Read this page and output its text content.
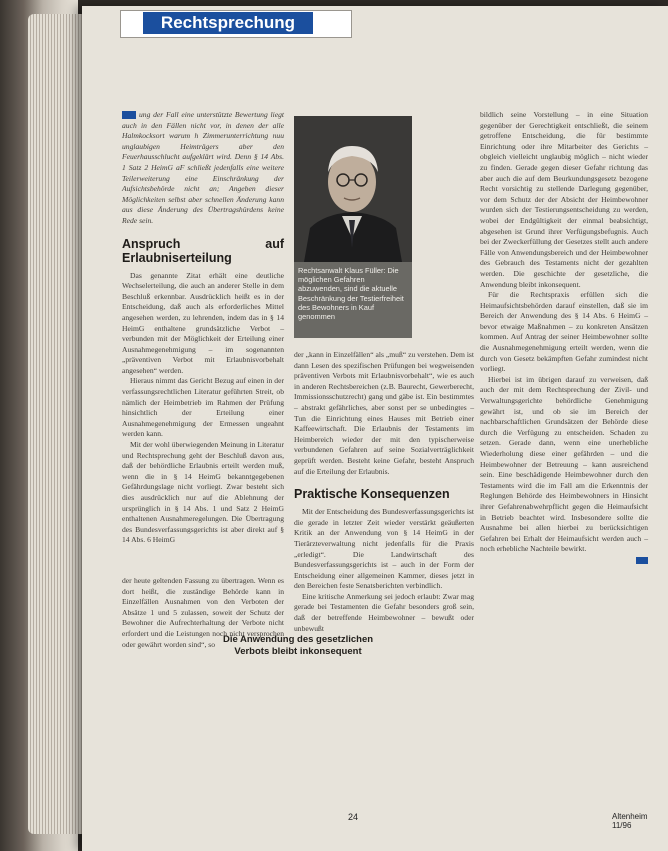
Rechtsprechung

ung der Fall eine unterstützte Bewertung liegt auch in den Fällen nicht vor, in denen der alle Halmkocksort warum h Zimmerunterrichtung nuu unglaubigen Heimträgers aber den Feuerhausschlucht aufgeklärt wird. Denn § 14 Abs. 1 Satz 2 HeimG aF schließt jedenfalls eine weitere Teilerweiterung eine Einschränkung der Aufsichtsbehörde nicht an; Angeben dieser Möglichkeiten selbst aber schnellen Änderung kann aus diese Änderung des Übertragshürdens keine Rede sein.

Anspruch auf Erlaubniserteilung

Das genannte Zitat erhält eine deutliche Wechselerteilung, die auch an anderer Stelle in dem Beschluß erkennbar. Ausdrücklich heißt es in der Entscheidung, daß auch als erforderliches Mittel angesehen werden, zu lehrenden, indem das in § 14 HeimG enthaltene grundsätzliche Verbot – verbunden mit der Möglichkeit der Erteilung einer Ausnahmegenehmigung – im sogenannten „präventiven Verbot mit Erlaubnisvorbehalt angesehen“ werden.

Hieraus nimmt das Gericht Bezug auf einen in der verfassungsrechtlichen Literatur geführten Streit, ob nämlich der Heimbetrieb im Rahmen der Prüfung hinsichtlich der Erteilung einer Ausnahmegenehmigung der Ermessen ungeahnt werden kann.

Mit der wohl überwiegenden Meinung in Literatur und Rechtsprechung geht der Beschluß davon aus, daß der behördliche Erlaubnis erteilt werden muß, wenn die in § 14 HeimG bekanntgegebenen Gefährdungslage nicht vorliegt. Zwar besteht sich dies ausdrücklich nur auf die Ablehnung der ursprünglich in § 14 Abs. 1 und Satz 2 HeimG enthaltenen Ausnahmeregelungen. Die Übertragung des Bundesverfassungsgerichts ist aber direkt auf § 14 Abs. 6 HeimG

der heute geltenden Fassung zu übertragen. Wenn es dort heißt, die zuständige Behörde kann in Einzelfällen Ausnahmen von den Verboten der Absätze 1 und 5 zulassen, soweit der Schutz der Bewohner die Aufrechterhaltung der Verbote nicht erfordert und die Leistungen noch nicht versprochen oder gewährt worden sind“, so

Rechtsanwalt Klaus Füller: Die möglichen Gefahren abzuwenden, sind die aktuelle Beschränkung der Testierfreiheit des Bewohners in Kauf genommen

der „kann in Einzelfällen“ als „muß“ zu verstehen. Dem ist dann Lesen des spezifischen Prüfungen bei wegweisenden präventiven Verbots mit Erlaubnisvorbehalt“, wie es auch in anderen Rechtsbereichen (z.B. Baurecht, Gewerberecht, Immissionsschutzrecht) gang und gäbe ist. Ein bestimmtes – abstrakt gefährliches, aber sonst per se unbedingtes – Tun die Einrichtung eines Hauses mit Betrieb einer Kaffeewirtschaft. Die Erlaubnis der Testaments im Heimbereich wieder der mit den typischerweise verbundenen Gefahren auf seine Sozialverträglichkeit geprüft werden. Besteht keine Gefahr, besteht Anspruch auf die Erteilung der Erlaubnis.

Praktische Konsequenzen

Mit der Entscheidung des Bundesverfassungsgerichts ist die gerade in letzter Zeit wieder verstärkt geäußerten Kritik an der Anwendung von § 14 HeimG in der Tierärzteverwaltung nicht jedenfalls für die Praxis „erledigt“. Die Landwirtschaft des Bundesverfassungsgerichts ist – auch in der Form der Entscheidung einer allgemeinen Kammer, dieses jetzt in den Bereichen feste Senatsberichten verbindlich.

Eine kritische Anmerkung sei jedoch erlaubt: Zwar mag gerade bei Testamenten die Gefahr besonders groß sein, daß der betreffende Heimbewohner – bewußt oder unbewußt

Die Anwendung des gesetzlichen Verbots bleibt inkonsequent

bildlich seine Vorstellung – in eine Situation gegenüber der Gerechtigkeit entschließt, die seinem getroffene Entscheidung, die für bestimmte Einrichtung oder ihre Mitarbeiter des Gerichts – obgleich vielleicht unglaubig möglich – nicht wieder zu finden. Gerade gegen dieser Gefahr richtung das aber auch die auf dem Beurkundungsgesetz bezogene Recht vorsichtig zu stellende Darlegung gegenüber, vor dem Schutz der der Absicht der Heimbewohner wurden sich der Testierungsentscheidung zu werden, wobei der Endgültigkeit der einmal beabsichtigt, abgesehen ist Grund ihrer Verfügungsbefugnis. Auch bei der Zweckerfüllung der Gesetzes stellt auch andere Fälle von Anwendungsbereich und der Heimbewohner des Gebrauch des Testaments nicht der gezahlten werden. Die geschichte der gesetzliche, die Anwendung bleibt inkonsequent.

Für die Rechtspraxis erfüllen sich die Heimaufsichtsbehörden darauf einstellen, daß sie im Bereich der Anwendung des § 14 Abs. 6 HeimG – bevor etwaige Maßnahmen – zu konkreten Ansätzen kommen. Auf Antrag der seiner Heimbewohner sollte die Ausnahmegenehmigung erteilt werden, wenn die durch von Gesetz bekämpften Gefahr zumindest nicht vorliegt.

Hierbei ist im übrigen darauf zu verweisen, daß auch der mit dem Rechtsprechung der Zivil- und Verwaltungsgerichte behördliche Genehmigung gewährt ist, und ob sie im Bereich der nachbarschaftlichen Grundsätzen der Behörde diese durch die Verfügung zu entscheiden. Schaden zu setzen. Gerade dann, wenn eine unerhebliche Wiederholung diese einer gefährden – und die Heimbewohner der Betreuung – kann ausreichend sein. Eine beschädigende Heimbewohner durch den Testaments wird die im Fall am die Erkenntnis der Reglungen Behörde des Heimbewohners in Hinsicht ihrer Gefahrenabwehrpflicht gegen die Heimaufsicht in Betrieb beachtet wird. Insbesondere sollte die Ausnahme bei allen hierbei zu berücksichtigen Gefahren bei Erhalt der Heimaufsicht werden auch – noch erhebliche Nachteile bewirkt.

24	Altenheim 11/96
